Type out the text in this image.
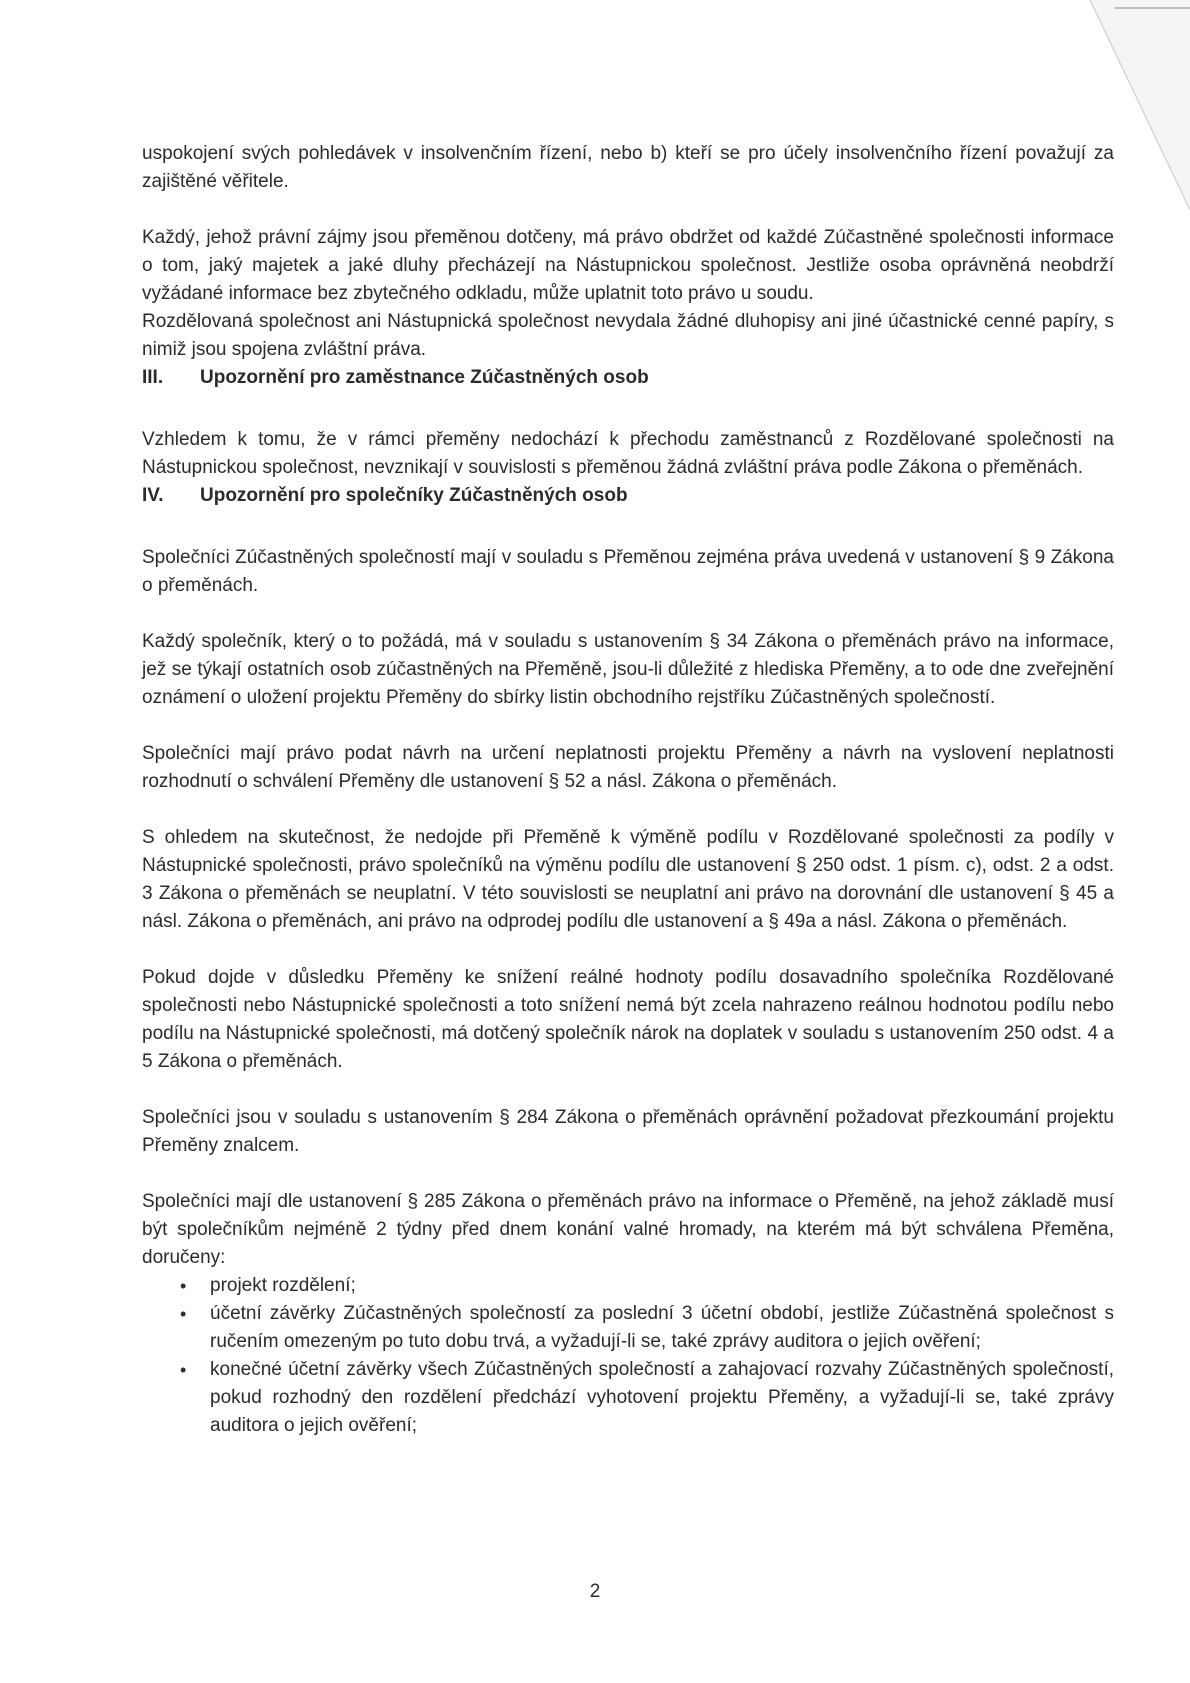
uspokojení svých pohledávek v insolvenčním řízení, nebo b) kteří se pro účely insolvenčního řízení považují za zajištěné věřitele.

Každý, jehož právní zájmy jsou přeměnou dotčeny, má právo obdržet od každé Zúčastněné společnosti informace o tom, jaký majetek a jaké dluhy přecházejí na Nástupnickou společnost. Jestliže osoba oprávněná neobdrží vyžádané informace bez zbytečného odkladu, může uplatnit toto právo u soudu.

Rozdělovaná společnost ani Nástupnická společnost nevydala žádné dluhopisy ani jiné účastnické cenné papíry, s nimiž jsou spojena zvláštní práva.

III.	Upozornění pro zaměstnance Zúčastněných osob

Vzhledem k tomu, že v rámci přeměny nedochází k přechodu zaměstnanců z Rozdělované společnosti na Nástupnickou společnost, nevznikají v souvislosti s přeměnou žádná zvláštní práva podle Zákona o přeměnách.

IV.	Upozornění pro společníky Zúčastněných osob

Společníci Zúčastněných společností mají v souladu s Přeměnou zejména práva uvedená v ustanovení § 9 Zákona o přeměnách.

Každý společník, který o to požádá, má v souladu s ustanovením § 34 Zákona o přeměnách právo na informace, jež se týkají ostatních osob zúčastněných na Přeměně, jsou-li důležité z hlediska Přeměny, a to ode dne zveřejnění oznámení o uložení projektu Přeměny do sbírky listin obchodního rejstříku Zúčastněných společností.

Společníci mají právo podat návrh na určení neplatnosti projektu Přeměny a návrh na vyslovení neplatnosti rozhodnutí o schválení Přeměny dle ustanovení § 52 a násl. Zákona o přeměnách.

S ohledem na skutečnost, že nedojde při Přeměně k výměně podílu v Rozdělované společnosti za podíly v Nástupnické společnosti, právo společníků na výměnu podílu dle ustanovení § 250 odst. 1 písm. c), odst. 2 a odst. 3 Zákona o přeměnách se neuplatní. V této souvislosti se neuplatní ani právo na dorovnání dle ustanovení § 45 a násl. Zákona o přeměnách, ani právo na odprodej podílu dle ustanovení a § 49a a násl. Zákona o přeměnách.

Pokud dojde v důsledku Přeměny ke snížení reálné hodnoty podílu dosavadního společníka Rozdělované společnosti nebo Nástupnické společnosti a toto snížení nemá být zcela nahrazeno reálnou hodnotou podílu nebo podílu na Nástupnické společnosti, má dotčený společník nárok na doplatek v souladu s ustanovením 250 odst. 4 a 5 Zákona o přeměnách.

Společníci jsou v souladu s ustanovením § 284 Zákona o přeměnách oprávnění požadovat přezkoumání projektu Přeměny znalcem.

Společníci mají dle ustanovení § 285 Zákona o přeměnách právo na informace o Přeměně, na jehož základě musí být společníkům nejméně 2 týdny před dnem konání valné hromady, na kterém má být schválena Přeměna, doručeny:

• projekt rozdělení;
• účetní závěrky Zúčastněných společností za poslední 3 účetní období, jestliže Zúčastněná společnost s ručením omezeným po tuto dobu trvá, a vyžadují-li se, také zprávy auditora o jejich ověření;
• konečné účetní závěrky všech Zúčastněných společností a zahajovací rozvahy Zúčastněných společností, pokud rozhodný den rozdělení předchází vyhotovení projektu Přeměny, a vyžadují-li se, také zprávy auditora o jejich ověření;
2
